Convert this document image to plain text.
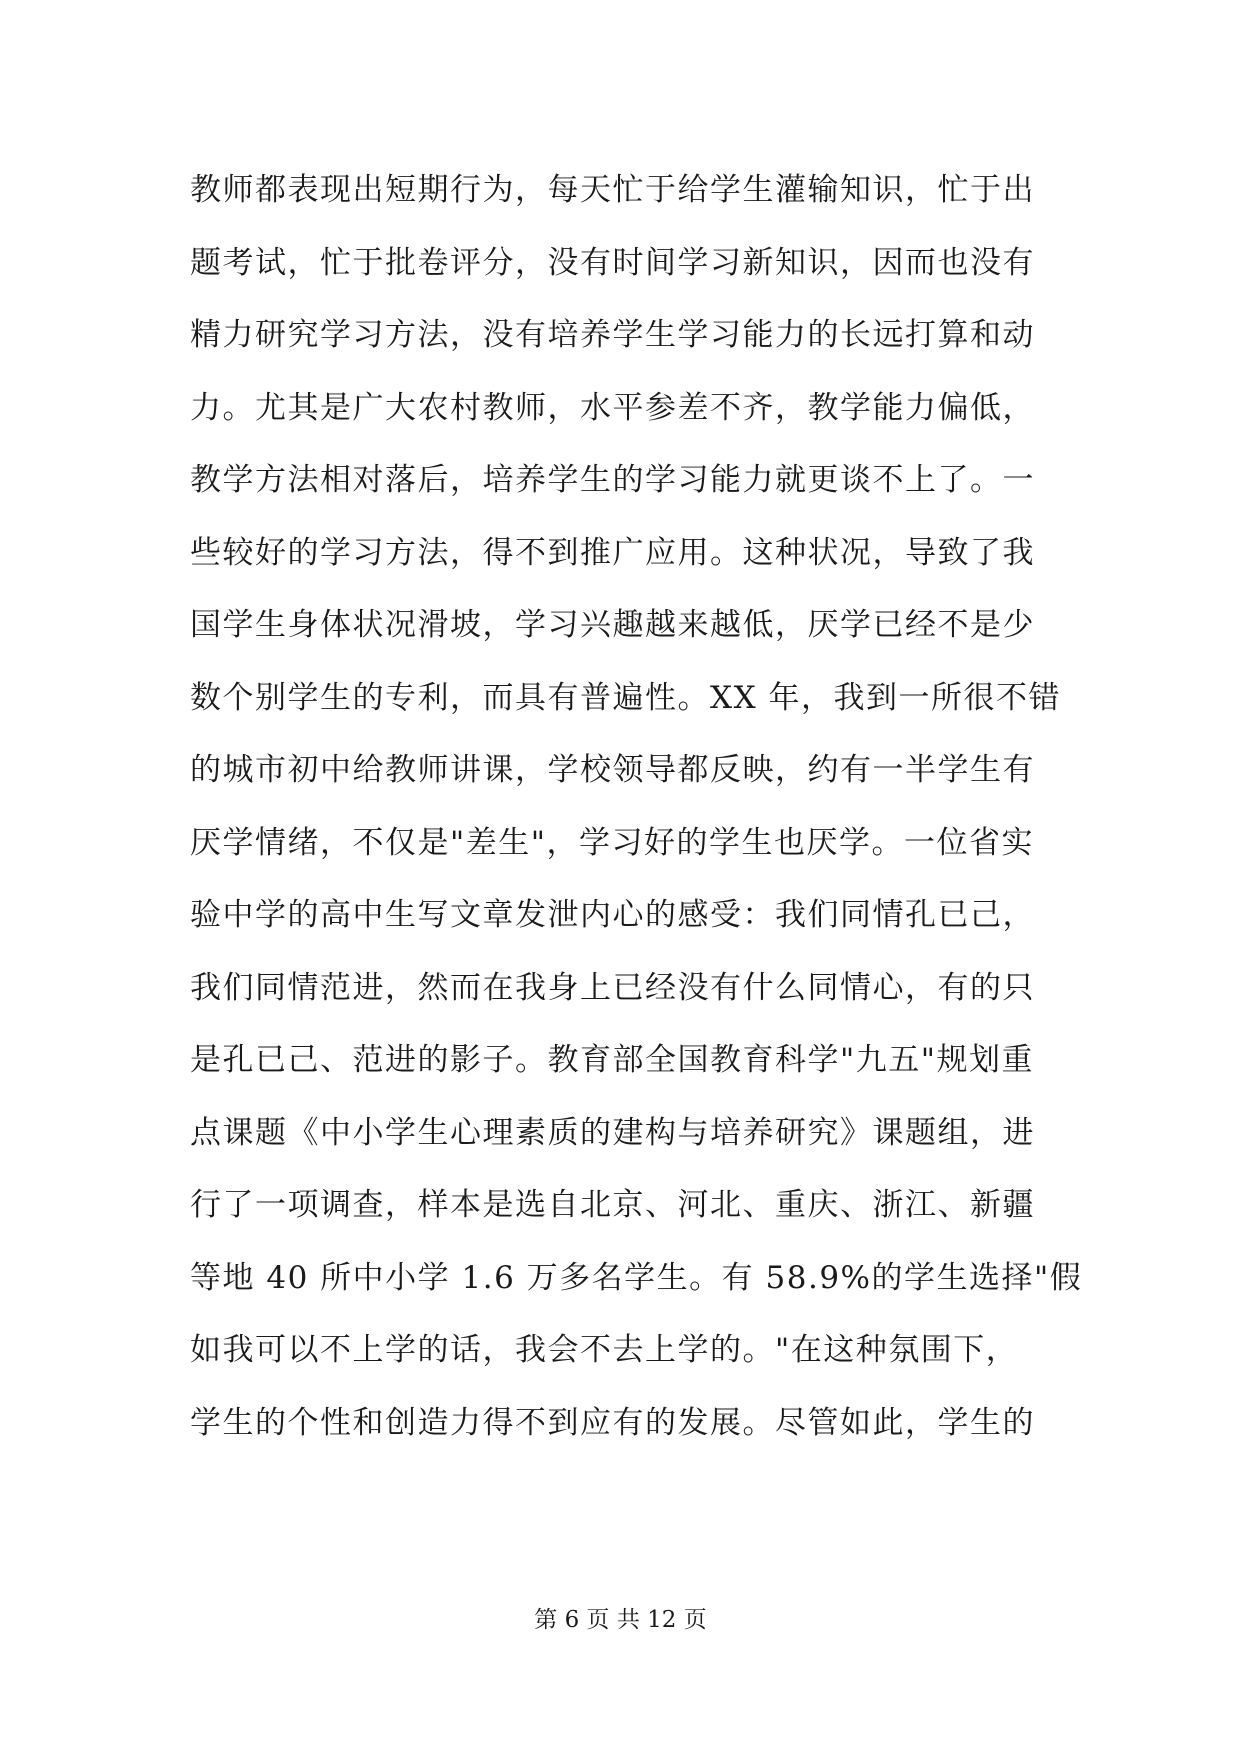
教师都表现出短期行为，每天忙于给学生灌输知识，忙于出
题考试，忙于批卷评分，没有时间学习新知识，因而也没有
精力研究学习方法，没有培养学生学习能力的长远打算和动
力。尤其是广大农村教师，水平参差不齐，教学能力偏低，
教学方法相对落后，培养学生的学习能力就更谈不上了。一
些较好的学习方法，得不到推广应用。这种状况，导致了我
国学生身体状况滑坡，学习兴趣越来越低，厌学已经不是少
数个别学生的专利，而具有普遍性。XX 年，我到一所很不错
的城市初中给教师讲课，学校领导都反映，约有一半学生有
厌学情绪，不仅是"差生"，学习好的学生也厌学。一位省实
验中学的高中生写文章发泄内心的感受：我们同情孔已己，
我们同情范进，然而在我身上已经没有什么同情心，有的只
是孔已己、范进的影子。教育部全国教育科学"九五"规划重
点课题《中小学生心理素质的建构与培养研究》课题组，进
行了一项调查，样本是选自北京、河北、重庆、浙江、新疆
等地 40 所中小学 1.6 万多名学生。有 58.9%的学生选择"假
如我可以不上学的话，我会不去上学的。"在这种氛围下，
学生的个性和创造力得不到应有的发展。尽管如此，学生的
第 6 页 共 12 页
